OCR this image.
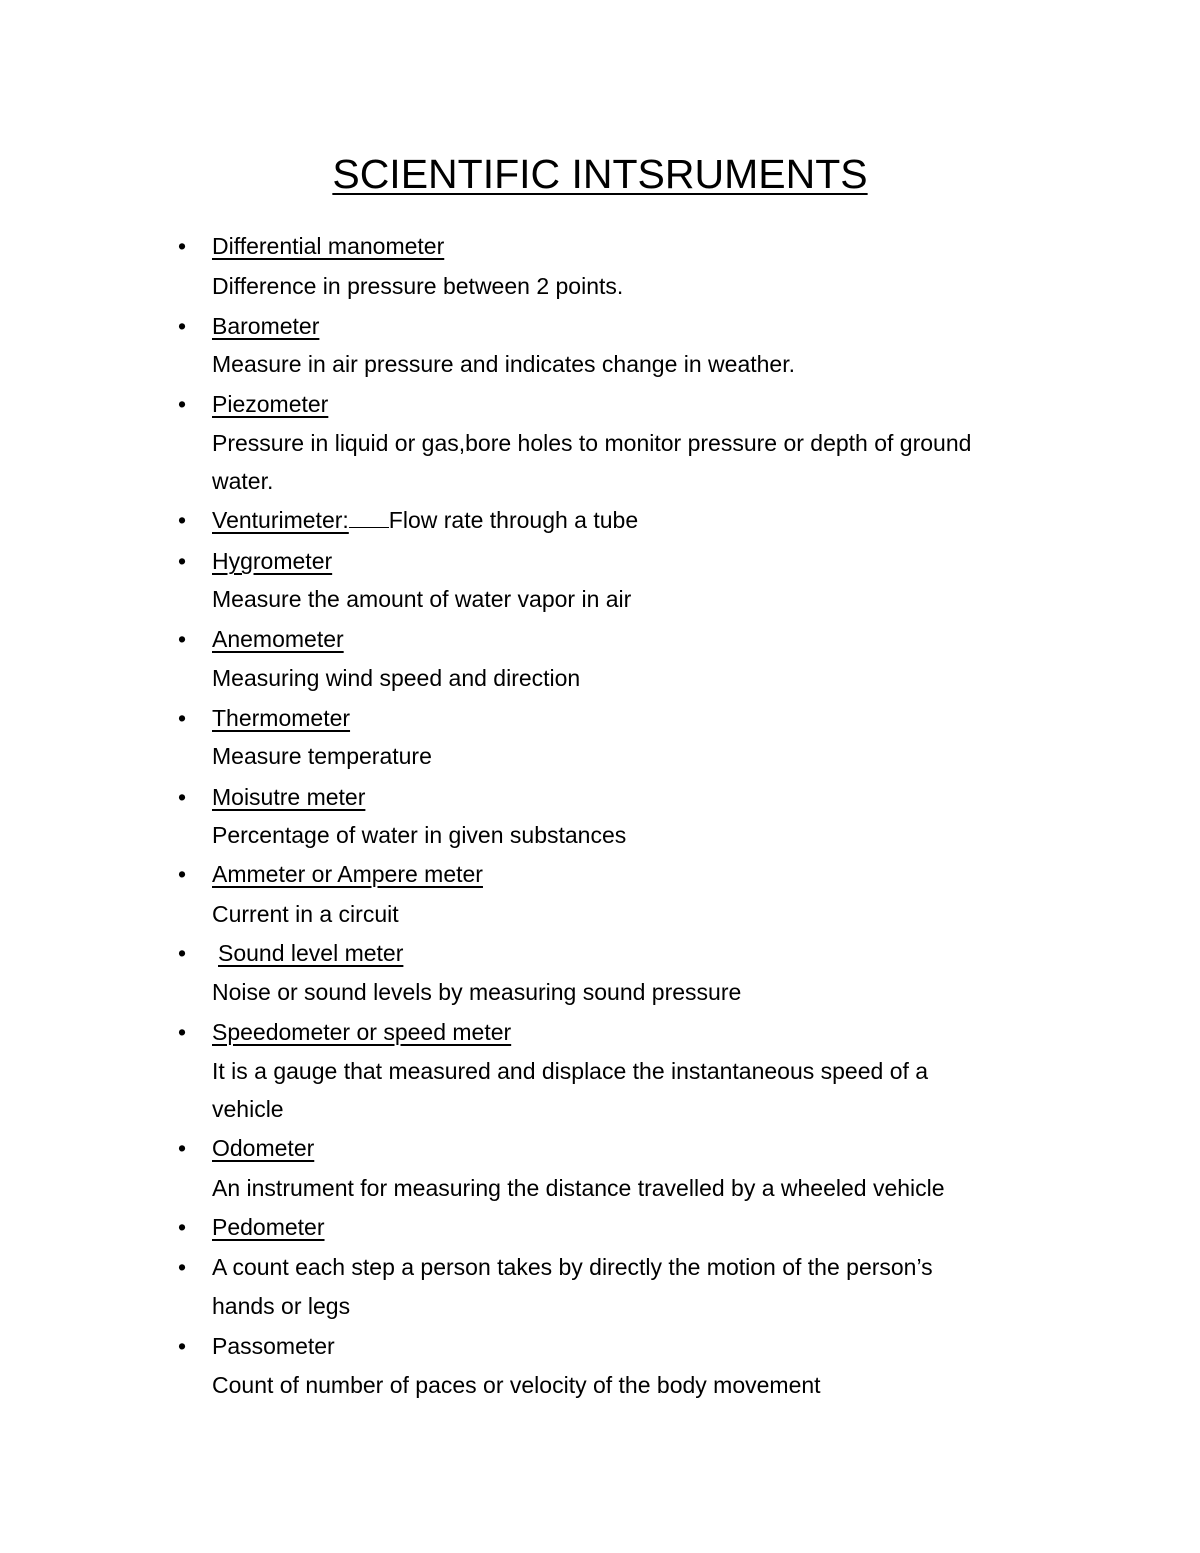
SCIENTIFIC INTSRUMENTS
• Differential manometer
Difference in pressure between 2 points.
• Barometer
Measure in air pressure and indicates change in weather.
• Piezometer
Pressure in liquid or gas,bore holes to monitor pressure or depth of ground
water.
• Venturimeter: Flow rate through a tube
• Hygrometer
Measure the amount of water vapor in air
• Anemometer
Measuring wind speed and direction
• Thermometer
Measure temperature
• Moisutre meter
Percentage of water in given substances
• Ammeter or Ampere meter
Current in a circuit
• Sound level meter
Noise or sound levels by measuring sound pressure
• Speedometer or speed meter
It is a gauge that measured and displace the instantaneous speed of a
vehicle
• Odometer
An instrument for measuring the distance travelled by a wheeled vehicle
• Pedometer
• A count each step a person takes by directly the motion of the person’s
hands or legs
• Passometer
Count of number of paces or velocity of the body movement
